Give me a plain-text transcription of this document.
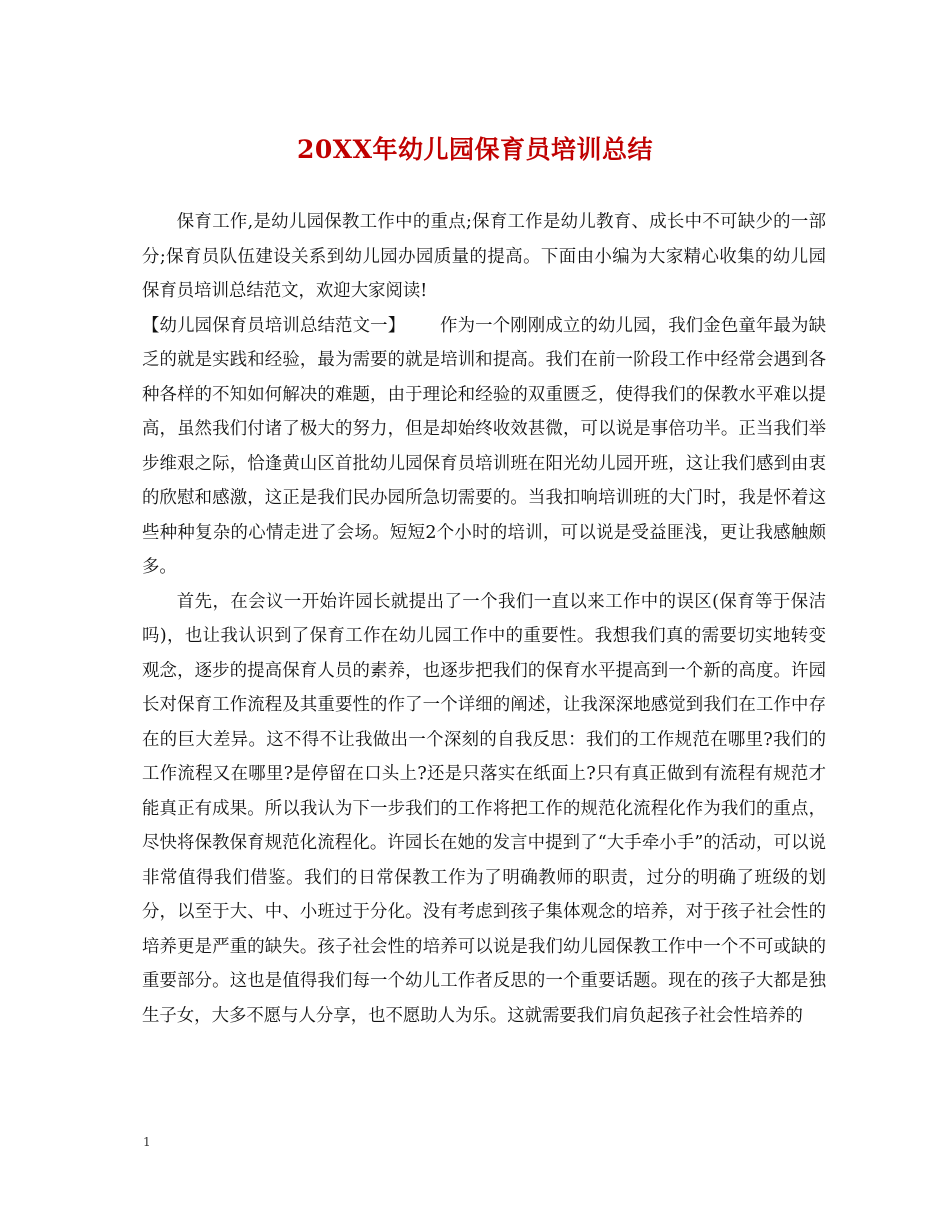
20XX年幼儿园保育员培训总结

保育工作,是幼儿园保教工作中的重点;保育工作是幼儿教育、成长中不可缺少的一部分;保育员队伍建设关系到幼儿园办园质量的提高。下面由小编为大家精心收集的幼儿园保育员培训总结范文，欢迎大家阅读!

【幼儿园保育员培训总结范文一】 作为一个刚刚成立的幼儿园，我们金色童年最为缺乏的就是实践和经验，最为需要的就是培训和提高。我们在前一阶段工作中经常会遇到各种各样的不知如何解决的难题，由于理论和经验的双重匮乏，使得我们的保教水平难以提高，虽然我们付诸了极大的努力，但是却始终收效甚微，可以说是事倍功半。正当我们举步维艰之际，恰逢黄山区首批幼儿园保育员培训班在阳光幼儿园开班，这让我们感到由衷的欣慰和感激，这正是我们民办园所急切需要的。当我扣响培训班的大门时，我是怀着这些种种复杂的心情走进了会场。短短2个小时的培训，可以说是受益匪浅，更让我感触颇多。

首先，在会议一开始许园长就提出了一个我们一直以来工作中的误区(保育等于保洁吗)，也让我认识到了保育工作在幼儿园工作中的重要性。我想我们真的需要切实地转变观念，逐步的提高保育人员的素养，也逐步把我们的保育水平提高到一个新的高度。许园长对保育工作流程及其重要性的作了一个详细的阐述，让我深深地感觉到我们在工作中存在的巨大差异。这不得不让我做出一个深刻的自我反思：我们的工作规范在哪里?我们的工作流程又在哪里?是停留在口头上?还是只落实在纸面上?只有真正做到有流程有规范才能真正有成果。所以我认为下一步我们的工作将把工作的规范化流程化作为我们的重点，尽快将保教保育规范化流程化。许园长在她的发言中提到了“大手牵小手”的活动，可以说非常值得我们借鉴。我们的日常保教工作为了明确教师的职责，过分的明确了班级的划分，以至于大、中、小班过于分化。没有考虑到孩子集体观念的培养，对于孩子社会性的培养更是严重的缺失。孩子社会性的培养可以说是我们幼儿园保教工作中一个不可或缺的重要部分。这也是值得我们每一个幼儿工作者反思的一个重要话题。现在的孩子大都是独生子女，大多不愿与人分享，也不愿助人为乐。这就需要我们肩负起孩子社会性培养的

1
